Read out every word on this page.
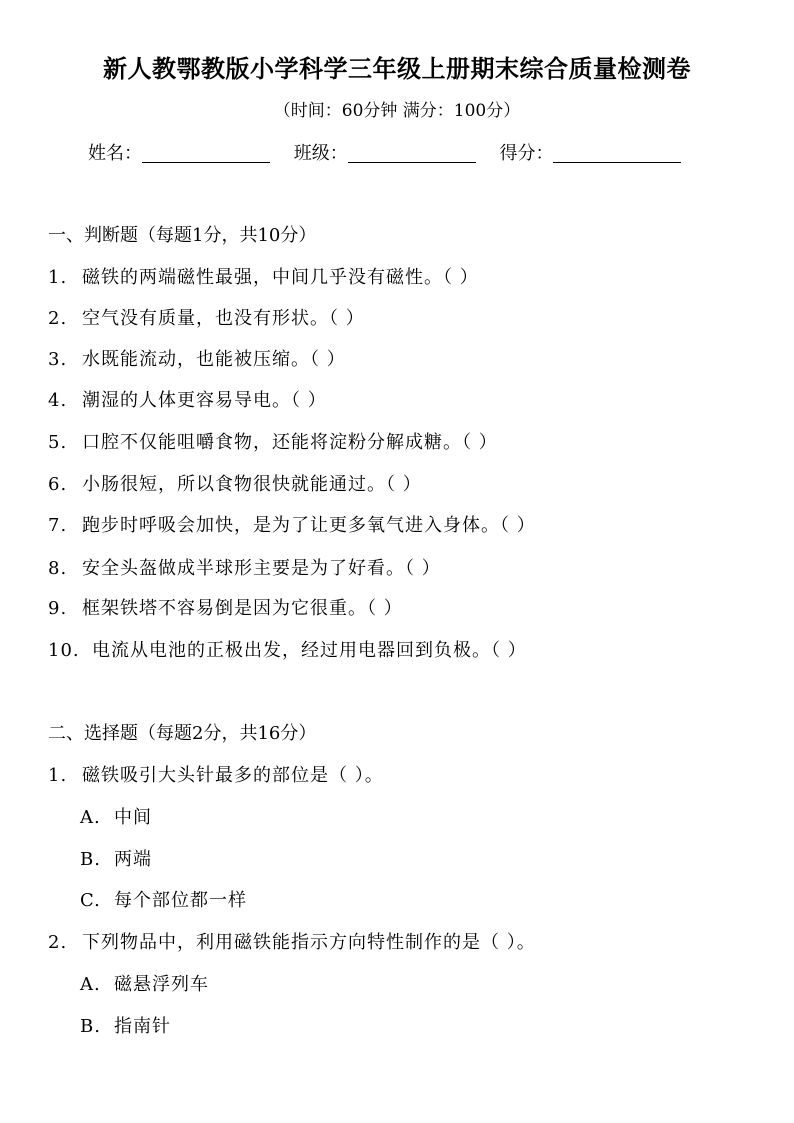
新人教鄂教版小学科学三年级上册期末综合质量检测卷
（时间：60分钟 满分：100分）
姓名：	班级：	得分：
一、判断题（每题1分，共10分）
1. 磁铁的两端磁性最强，中间几乎没有磁性。（ ）
2. 空气没有质量，也没有形状。（ ）
3. 水既能流动，也能被压缩。（ ）
4. 潮湿的人体更容易导电。（ ）
5. 口腔不仅能咀嚼食物，还能将淀粉分解成糖。（ ）
6. 小肠很短，所以食物很快就能通过。（ ）
7. 跑步时呼吸会加快，是为了让更多氧气进入身体。（ ）
8. 安全头盔做成半球形主要是为了好看。（ ）
9. 框架铁塔不容易倒是因为它很重。（ ）
10. 电流从电池的正极出发，经过用电器回到负极。（ ）
二、选择题（每题2分，共16分）
1. 磁铁吸引大头针最多的部位是（ ）。
A. 中间
B. 两端
C. 每个部位都一样
2. 下列物品中，利用磁铁能指示方向特性制作的是（ ）。
A. 磁悬浮列车
B. 指南针
